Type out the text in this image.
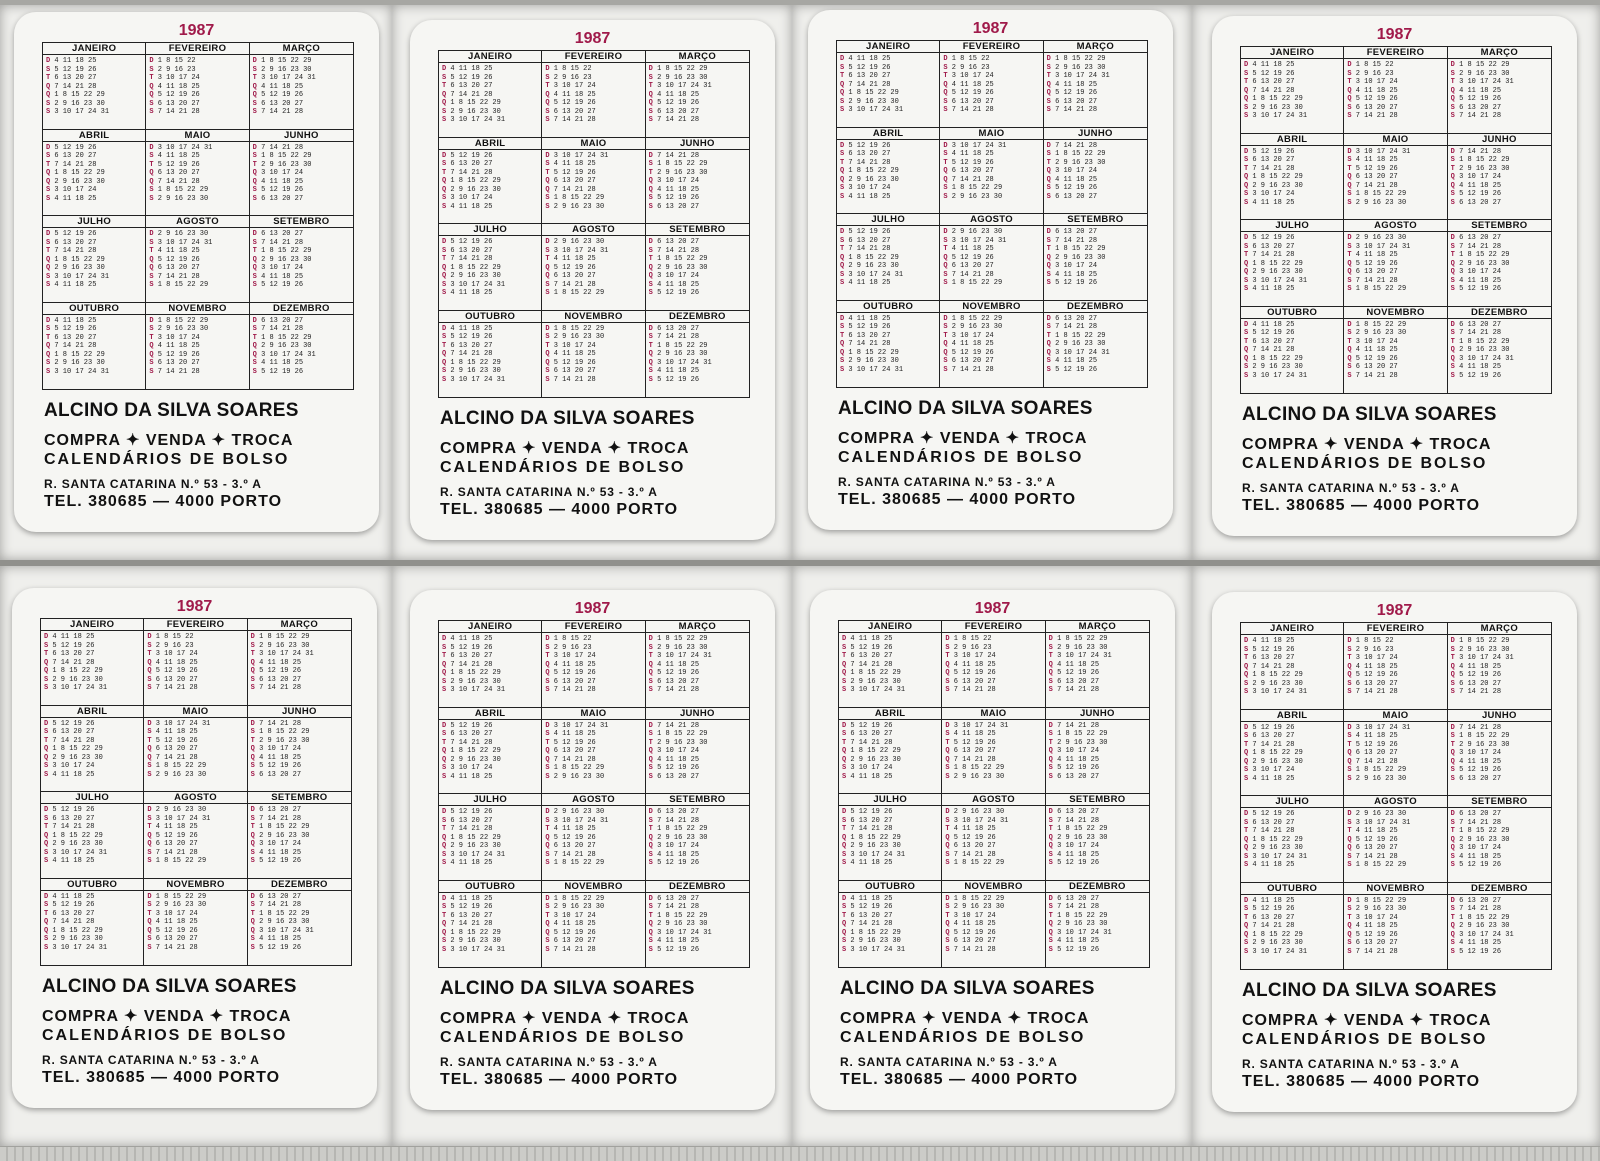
1987
JANEIRO
D 4 11 18 25
S 5 12 19 26
T 6 13 20 27
Q 7 14 21 28
Q 1 8 15 22 29
S 2 9 16 23 30
S 3 10 17 24 31
FEVEREIRO
D 1 8 15 22
S 2 9 16 23
T 3 10 17 24
Q 4 11 18 25
Q 5 12 19 26
S 6 13 20 27
S 7 14 21 28
MARÇO
D 1 8 15 22 29
S 2 9 16 23 30
T 3 10 17 24 31
Q 4 11 18 25
Q 5 12 19 26
S 6 13 20 27
S 7 14 21 28
ABRIL
D 5 12 19 26
S 6 13 20 27
T 7 14 21 28
Q 1 8 15 22 29
Q 2 9 16 23 30
S 3 10 17 24
S 4 11 18 25
MAIO
D 3 10 17 24 31
S 4 11 18 25
T 5 12 19 26
Q 6 13 20 27
Q 7 14 21 28
S 1 8 15 22 29
S 2 9 16 23 30
JUNHO
D 7 14 21 28
S 1 8 15 22 29
T 2 9 16 23 30
Q 3 10 17 24
Q 4 11 18 25
S 5 12 19 26
S 6 13 20 27
JULHO
D 5 12 19 26
S 6 13 20 27
T 7 14 21 28
Q 1 8 15 22 29
Q 2 9 16 23 30
S 3 10 17 24 31
S 4 11 18 25
AGOSTO
D 2 9 16 23 30
S 3 10 17 24 31
T 4 11 18 25
Q 5 12 19 26
Q 6 13 20 27
S 7 14 21 28
S 1 8 15 22 29
SETEMBRO
D 6 13 20 27
S 7 14 21 28
T 1 8 15 22 29
Q 2 9 16 23 30
Q 3 10 17 24
S 4 11 18 25
S 5 12 19 26
OUTUBRO
D 4 11 18 25
S 5 12 19 26
T 6 13 20 27
Q 7 14 21 28
Q 1 8 15 22 29
S 2 9 16 23 30
S 3 10 17 24 31
NOVEMBRO
D 1 8 15 22 29
S 2 9 16 23 30
T 3 10 17 24
Q 4 11 18 25
Q 5 12 19 26
S 6 13 20 27
S 7 14 21 28
DEZEMBRO
D 6 13 20 27
S 7 14 21 28
T 1 8 15 22 29
Q 2 9 16 23 30
Q 3 10 17 24 31
S 4 11 18 25
S 5 12 19 26
ALCINO DA SILVA SOARES
COMPRA ✦ VENDA ✦ TROCA
CALENDÁRIOS DE BOLSO
R. SANTA CATARINA N.º 53 - 3.º A
TEL. 380685 — 4000 PORTO
1987
JANEIRO
D 4 11 18 25
S 5 12 19 26
T 6 13 20 27
Q 7 14 21 28
Q 1 8 15 22 29
S 2 9 16 23 30
S 3 10 17 24 31
FEVEREIRO
D 1 8 15 22
S 2 9 16 23
T 3 10 17 24
Q 4 11 18 25
Q 5 12 19 26
S 6 13 20 27
S 7 14 21 28
MARÇO
D 1 8 15 22 29
S 2 9 16 23 30
T 3 10 17 24 31
Q 4 11 18 25
Q 5 12 19 26
S 6 13 20 27
S 7 14 21 28
ABRIL
D 5 12 19 26
S 6 13 20 27
T 7 14 21 28
Q 1 8 15 22 29
Q 2 9 16 23 30
S 3 10 17 24
S 4 11 18 25
MAIO
D 3 10 17 24 31
S 4 11 18 25
T 5 12 19 26
Q 6 13 20 27
Q 7 14 21 28
S 1 8 15 22 29
S 2 9 16 23 30
JUNHO
D 7 14 21 28
S 1 8 15 22 29
T 2 9 16 23 30
Q 3 10 17 24
Q 4 11 18 25
S 5 12 19 26
S 6 13 20 27
JULHO
D 5 12 19 26
S 6 13 20 27
T 7 14 21 28
Q 1 8 15 22 29
Q 2 9 16 23 30
S 3 10 17 24 31
S 4 11 18 25
AGOSTO
D 2 9 16 23 30
S 3 10 17 24 31
T 4 11 18 25
Q 5 12 19 26
Q 6 13 20 27
S 7 14 21 28
S 1 8 15 22 29
SETEMBRO
D 6 13 20 27
S 7 14 21 28
T 1 8 15 22 29
Q 2 9 16 23 30
Q 3 10 17 24
S 4 11 18 25
S 5 12 19 26
OUTUBRO
D 4 11 18 25
S 5 12 19 26
T 6 13 20 27
Q 7 14 21 28
Q 1 8 15 22 29
S 2 9 16 23 30
S 3 10 17 24 31
NOVEMBRO
D 1 8 15 22 29
S 2 9 16 23 30
T 3 10 17 24
Q 4 11 18 25
Q 5 12 19 26
S 6 13 20 27
S 7 14 21 28
DEZEMBRO
D 6 13 20 27
S 7 14 21 28
T 1 8 15 22 29
Q 2 9 16 23 30
Q 3 10 17 24 31
S 4 11 18 25
S 5 12 19 26
ALCINO DA SILVA SOARES
COMPRA ✦ VENDA ✦ TROCA
CALENDÁRIOS DE BOLSO
R. SANTA CATARINA N.º 53 - 3.º A
TEL. 380685 — 4000 PORTO
1987
JANEIRO
D 4 11 18 25
S 5 12 19 26
T 6 13 20 27
Q 7 14 21 28
Q 1 8 15 22 29
S 2 9 16 23 30
S 3 10 17 24 31
FEVEREIRO
D 1 8 15 22
S 2 9 16 23
T 3 10 17 24
Q 4 11 18 25
Q 5 12 19 26
S 6 13 20 27
S 7 14 21 28
MARÇO
D 1 8 15 22 29
S 2 9 16 23 30
T 3 10 17 24 31
Q 4 11 18 25
Q 5 12 19 26
S 6 13 20 27
S 7 14 21 28
ABRIL
D 5 12 19 26
S 6 13 20 27
T 7 14 21 28
Q 1 8 15 22 29
Q 2 9 16 23 30
S 3 10 17 24
S 4 11 18 25
MAIO
D 3 10 17 24 31
S 4 11 18 25
T 5 12 19 26
Q 6 13 20 27
Q 7 14 21 28
S 1 8 15 22 29
S 2 9 16 23 30
JUNHO
D 7 14 21 28
S 1 8 15 22 29
T 2 9 16 23 30
Q 3 10 17 24
Q 4 11 18 25
S 5 12 19 26
S 6 13 20 27
JULHO
D 5 12 19 26
S 6 13 20 27
T 7 14 21 28
Q 1 8 15 22 29
Q 2 9 16 23 30
S 3 10 17 24 31
S 4 11 18 25
AGOSTO
D 2 9 16 23 30
S 3 10 17 24 31
T 4 11 18 25
Q 5 12 19 26
Q 6 13 20 27
S 7 14 21 28
S 1 8 15 22 29
SETEMBRO
D 6 13 20 27
S 7 14 21 28
T 1 8 15 22 29
Q 2 9 16 23 30
Q 3 10 17 24
S 4 11 18 25
S 5 12 19 26
OUTUBRO
D 4 11 18 25
S 5 12 19 26
T 6 13 20 27
Q 7 14 21 28
Q 1 8 15 22 29
S 2 9 16 23 30
S 3 10 17 24 31
NOVEMBRO
D 1 8 15 22 29
S 2 9 16 23 30
T 3 10 17 24
Q 4 11 18 25
Q 5 12 19 26
S 6 13 20 27
S 7 14 21 28
DEZEMBRO
D 6 13 20 27
S 7 14 21 28
T 1 8 15 22 29
Q 2 9 16 23 30
Q 3 10 17 24 31
S 4 11 18 25
S 5 12 19 26
ALCINO DA SILVA SOARES
COMPRA ✦ VENDA ✦ TROCA
CALENDÁRIOS DE BOLSO
R. SANTA CATARINA N.º 53 - 3.º A
TEL. 380685 — 4000 PORTO
1987
JANEIRO
D 4 11 18 25
S 5 12 19 26
T 6 13 20 27
Q 7 14 21 28
Q 1 8 15 22 29
S 2 9 16 23 30
S 3 10 17 24 31
FEVEREIRO
D 1 8 15 22
S 2 9 16 23
T 3 10 17 24
Q 4 11 18 25
Q 5 12 19 26
S 6 13 20 27
S 7 14 21 28
MARÇO
D 1 8 15 22 29
S 2 9 16 23 30
T 3 10 17 24 31
Q 4 11 18 25
Q 5 12 19 26
S 6 13 20 27
S 7 14 21 28
ABRIL
D 5 12 19 26
S 6 13 20 27
T 7 14 21 28
Q 1 8 15 22 29
Q 2 9 16 23 30
S 3 10 17 24
S 4 11 18 25
MAIO
D 3 10 17 24 31
S 4 11 18 25
T 5 12 19 26
Q 6 13 20 27
Q 7 14 21 28
S 1 8 15 22 29
S 2 9 16 23 30
JUNHO
D 7 14 21 28
S 1 8 15 22 29
T 2 9 16 23 30
Q 3 10 17 24
Q 4 11 18 25
S 5 12 19 26
S 6 13 20 27
JULHO
D 5 12 19 26
S 6 13 20 27
T 7 14 21 28
Q 1 8 15 22 29
Q 2 9 16 23 30
S 3 10 17 24 31
S 4 11 18 25
AGOSTO
D 2 9 16 23 30
S 3 10 17 24 31
T 4 11 18 25
Q 5 12 19 26
Q 6 13 20 27
S 7 14 21 28
S 1 8 15 22 29
SETEMBRO
D 6 13 20 27
S 7 14 21 28
T 1 8 15 22 29
Q 2 9 16 23 30
Q 3 10 17 24
S 4 11 18 25
S 5 12 19 26
OUTUBRO
D 4 11 18 25
S 5 12 19 26
T 6 13 20 27
Q 7 14 21 28
Q 1 8 15 22 29
S 2 9 16 23 30
S 3 10 17 24 31
NOVEMBRO
D 1 8 15 22 29
S 2 9 16 23 30
T 3 10 17 24
Q 4 11 18 25
Q 5 12 19 26
S 6 13 20 27
S 7 14 21 28
DEZEMBRO
D 6 13 20 27
S 7 14 21 28
T 1 8 15 22 29
Q 2 9 16 23 30
Q 3 10 17 24 31
S 4 11 18 25
S 5 12 19 26
ALCINO DA SILVA SOARES
COMPRA ✦ VENDA ✦ TROCA
CALENDÁRIOS DE BOLSO
R. SANTA CATARINA N.º 53 - 3.º A
TEL. 380685 — 4000 PORTO
1987
JANEIRO
D 4 11 18 25
S 5 12 19 26
T 6 13 20 27
Q 7 14 21 28
Q 1 8 15 22 29
S 2 9 16 23 30
S 3 10 17 24 31
FEVEREIRO
D 1 8 15 22
S 2 9 16 23
T 3 10 17 24
Q 4 11 18 25
Q 5 12 19 26
S 6 13 20 27
S 7 14 21 28
MARÇO
D 1 8 15 22 29
S 2 9 16 23 30
T 3 10 17 24 31
Q 4 11 18 25
Q 5 12 19 26
S 6 13 20 27
S 7 14 21 28
ABRIL
D 5 12 19 26
S 6 13 20 27
T 7 14 21 28
Q 1 8 15 22 29
Q 2 9 16 23 30
S 3 10 17 24
S 4 11 18 25
MAIO
D 3 10 17 24 31
S 4 11 18 25
T 5 12 19 26
Q 6 13 20 27
Q 7 14 21 28
S 1 8 15 22 29
S 2 9 16 23 30
JUNHO
D 7 14 21 28
S 1 8 15 22 29
T 2 9 16 23 30
Q 3 10 17 24
Q 4 11 18 25
S 5 12 19 26
S 6 13 20 27
JULHO
D 5 12 19 26
S 6 13 20 27
T 7 14 21 28
Q 1 8 15 22 29
Q 2 9 16 23 30
S 3 10 17 24 31
S 4 11 18 25
AGOSTO
D 2 9 16 23 30
S 3 10 17 24 31
T 4 11 18 25
Q 5 12 19 26
Q 6 13 20 27
S 7 14 21 28
S 1 8 15 22 29
SETEMBRO
D 6 13 20 27
S 7 14 21 28
T 1 8 15 22 29
Q 2 9 16 23 30
Q 3 10 17 24
S 4 11 18 25
S 5 12 19 26
OUTUBRO
D 4 11 18 25
S 5 12 19 26
T 6 13 20 27
Q 7 14 21 28
Q 1 8 15 22 29
S 2 9 16 23 30
S 3 10 17 24 31
NOVEMBRO
D 1 8 15 22 29
S 2 9 16 23 30
T 3 10 17 24
Q 4 11 18 25
Q 5 12 19 26
S 6 13 20 27
S 7 14 21 28
DEZEMBRO
D 6 13 20 27
S 7 14 21 28
T 1 8 15 22 29
Q 2 9 16 23 30
Q 3 10 17 24 31
S 4 11 18 25
S 5 12 19 26
ALCINO DA SILVA SOARES
COMPRA ✦ VENDA ✦ TROCA
CALENDÁRIOS DE BOLSO
R. SANTA CATARINA N.º 53 - 3.º A
TEL. 380685 — 4000 PORTO
1987
JANEIRO
D 4 11 18 25
S 5 12 19 26
T 6 13 20 27
Q 7 14 21 28
Q 1 8 15 22 29
S 2 9 16 23 30
S 3 10 17 24 31
FEVEREIRO
D 1 8 15 22
S 2 9 16 23
T 3 10 17 24
Q 4 11 18 25
Q 5 12 19 26
S 6 13 20 27
S 7 14 21 28
MARÇO
D 1 8 15 22 29
S 2 9 16 23 30
T 3 10 17 24 31
Q 4 11 18 25
Q 5 12 19 26
S 6 13 20 27
S 7 14 21 28
ABRIL
D 5 12 19 26
S 6 13 20 27
T 7 14 21 28
Q 1 8 15 22 29
Q 2 9 16 23 30
S 3 10 17 24
S 4 11 18 25
MAIO
D 3 10 17 24 31
S 4 11 18 25
T 5 12 19 26
Q 6 13 20 27
Q 7 14 21 28
S 1 8 15 22 29
S 2 9 16 23 30
JUNHO
D 7 14 21 28
S 1 8 15 22 29
T 2 9 16 23 30
Q 3 10 17 24
Q 4 11 18 25
S 5 12 19 26
S 6 13 20 27
JULHO
D 5 12 19 26
S 6 13 20 27
T 7 14 21 28
Q 1 8 15 22 29
Q 2 9 16 23 30
S 3 10 17 24 31
S 4 11 18 25
AGOSTO
D 2 9 16 23 30
S 3 10 17 24 31
T 4 11 18 25
Q 5 12 19 26
Q 6 13 20 27
S 7 14 21 28
S 1 8 15 22 29
SETEMBRO
D 6 13 20 27
S 7 14 21 28
T 1 8 15 22 29
Q 2 9 16 23 30
Q 3 10 17 24
S 4 11 18 25
S 5 12 19 26
OUTUBRO
D 4 11 18 25
S 5 12 19 26
T 6 13 20 27
Q 7 14 21 28
Q 1 8 15 22 29
S 2 9 16 23 30
S 3 10 17 24 31
NOVEMBRO
D 1 8 15 22 29
S 2 9 16 23 30
T 3 10 17 24
Q 4 11 18 25
Q 5 12 19 26
S 6 13 20 27
S 7 14 21 28
DEZEMBRO
D 6 13 20 27
S 7 14 21 28
T 1 8 15 22 29
Q 2 9 16 23 30
Q 3 10 17 24 31
S 4 11 18 25
S 5 12 19 26
ALCINO DA SILVA SOARES
COMPRA ✦ VENDA ✦ TROCA
CALENDÁRIOS DE BOLSO
R. SANTA CATARINA N.º 53 - 3.º A
TEL. 380685 — 4000 PORTO
1987
JANEIRO
D 4 11 18 25
S 5 12 19 26
T 6 13 20 27
Q 7 14 21 28
Q 1 8 15 22 29
S 2 9 16 23 30
S 3 10 17 24 31
FEVEREIRO
D 1 8 15 22
S 2 9 16 23
T 3 10 17 24
Q 4 11 18 25
Q 5 12 19 26
S 6 13 20 27
S 7 14 21 28
MARÇO
D 1 8 15 22 29
S 2 9 16 23 30
T 3 10 17 24 31
Q 4 11 18 25
Q 5 12 19 26
S 6 13 20 27
S 7 14 21 28
ABRIL
D 5 12 19 26
S 6 13 20 27
T 7 14 21 28
Q 1 8 15 22 29
Q 2 9 16 23 30
S 3 10 17 24
S 4 11 18 25
MAIO
D 3 10 17 24 31
S 4 11 18 25
T 5 12 19 26
Q 6 13 20 27
Q 7 14 21 28
S 1 8 15 22 29
S 2 9 16 23 30
JUNHO
D 7 14 21 28
S 1 8 15 22 29
T 2 9 16 23 30
Q 3 10 17 24
Q 4 11 18 25
S 5 12 19 26
S 6 13 20 27
JULHO
D 5 12 19 26
S 6 13 20 27
T 7 14 21 28
Q 1 8 15 22 29
Q 2 9 16 23 30
S 3 10 17 24 31
S 4 11 18 25
AGOSTO
D 2 9 16 23 30
S 3 10 17 24 31
T 4 11 18 25
Q 5 12 19 26
Q 6 13 20 27
S 7 14 21 28
S 1 8 15 22 29
SETEMBRO
D 6 13 20 27
S 7 14 21 28
T 1 8 15 22 29
Q 2 9 16 23 30
Q 3 10 17 24
S 4 11 18 25
S 5 12 19 26
OUTUBRO
D 4 11 18 25
S 5 12 19 26
T 6 13 20 27
Q 7 14 21 28
Q 1 8 15 22 29
S 2 9 16 23 30
S 3 10 17 24 31
NOVEMBRO
D 1 8 15 22 29
S 2 9 16 23 30
T 3 10 17 24
Q 4 11 18 25
Q 5 12 19 26
S 6 13 20 27
S 7 14 21 28
DEZEMBRO
D 6 13 20 27
S 7 14 21 28
T 1 8 15 22 29
Q 2 9 16 23 30
Q 3 10 17 24 31
S 4 11 18 25
S 5 12 19 26
ALCINO DA SILVA SOARES
COMPRA ✦ VENDA ✦ TROCA
CALENDÁRIOS DE BOLSO
R. SANTA CATARINA N.º 53 - 3.º A
TEL. 380685 — 4000 PORTO
1987
JANEIRO
D 4 11 18 25
S 5 12 19 26
T 6 13 20 27
Q 7 14 21 28
Q 1 8 15 22 29
S 2 9 16 23 30
S 3 10 17 24 31
FEVEREIRO
D 1 8 15 22
S 2 9 16 23
T 3 10 17 24
Q 4 11 18 25
Q 5 12 19 26
S 6 13 20 27
S 7 14 21 28
MARÇO
D 1 8 15 22 29
S 2 9 16 23 30
T 3 10 17 24 31
Q 4 11 18 25
Q 5 12 19 26
S 6 13 20 27
S 7 14 21 28
ABRIL
D 5 12 19 26
S 6 13 20 27
T 7 14 21 28
Q 1 8 15 22 29
Q 2 9 16 23 30
S 3 10 17 24
S 4 11 18 25
MAIO
D 3 10 17 24 31
S 4 11 18 25
T 5 12 19 26
Q 6 13 20 27
Q 7 14 21 28
S 1 8 15 22 29
S 2 9 16 23 30
JUNHO
D 7 14 21 28
S 1 8 15 22 29
T 2 9 16 23 30
Q 3 10 17 24
Q 4 11 18 25
S 5 12 19 26
S 6 13 20 27
JULHO
D 5 12 19 26
S 6 13 20 27
T 7 14 21 28
Q 1 8 15 22 29
Q 2 9 16 23 30
S 3 10 17 24 31
S 4 11 18 25
AGOSTO
D 2 9 16 23 30
S 3 10 17 24 31
T 4 11 18 25
Q 5 12 19 26
Q 6 13 20 27
S 7 14 21 28
S 1 8 15 22 29
SETEMBRO
D 6 13 20 27
S 7 14 21 28
T 1 8 15 22 29
Q 2 9 16 23 30
Q 3 10 17 24
S 4 11 18 25
S 5 12 19 26
OUTUBRO
D 4 11 18 25
S 5 12 19 26
T 6 13 20 27
Q 7 14 21 28
Q 1 8 15 22 29
S 2 9 16 23 30
S 3 10 17 24 31
NOVEMBRO
D 1 8 15 22 29
S 2 9 16 23 30
T 3 10 17 24
Q 4 11 18 25
Q 5 12 19 26
S 6 13 20 27
S 7 14 21 28
DEZEMBRO
D 6 13 20 27
S 7 14 21 28
T 1 8 15 22 29
Q 2 9 16 23 30
Q 3 10 17 24 31
S 4 11 18 25
S 5 12 19 26
ALCINO DA SILVA SOARES
COMPRA ✦ VENDA ✦ TROCA
CALENDÁRIOS DE BOLSO
R. SANTA CATARINA N.º 53 - 3.º A
TEL. 380685 — 4000 PORTO
